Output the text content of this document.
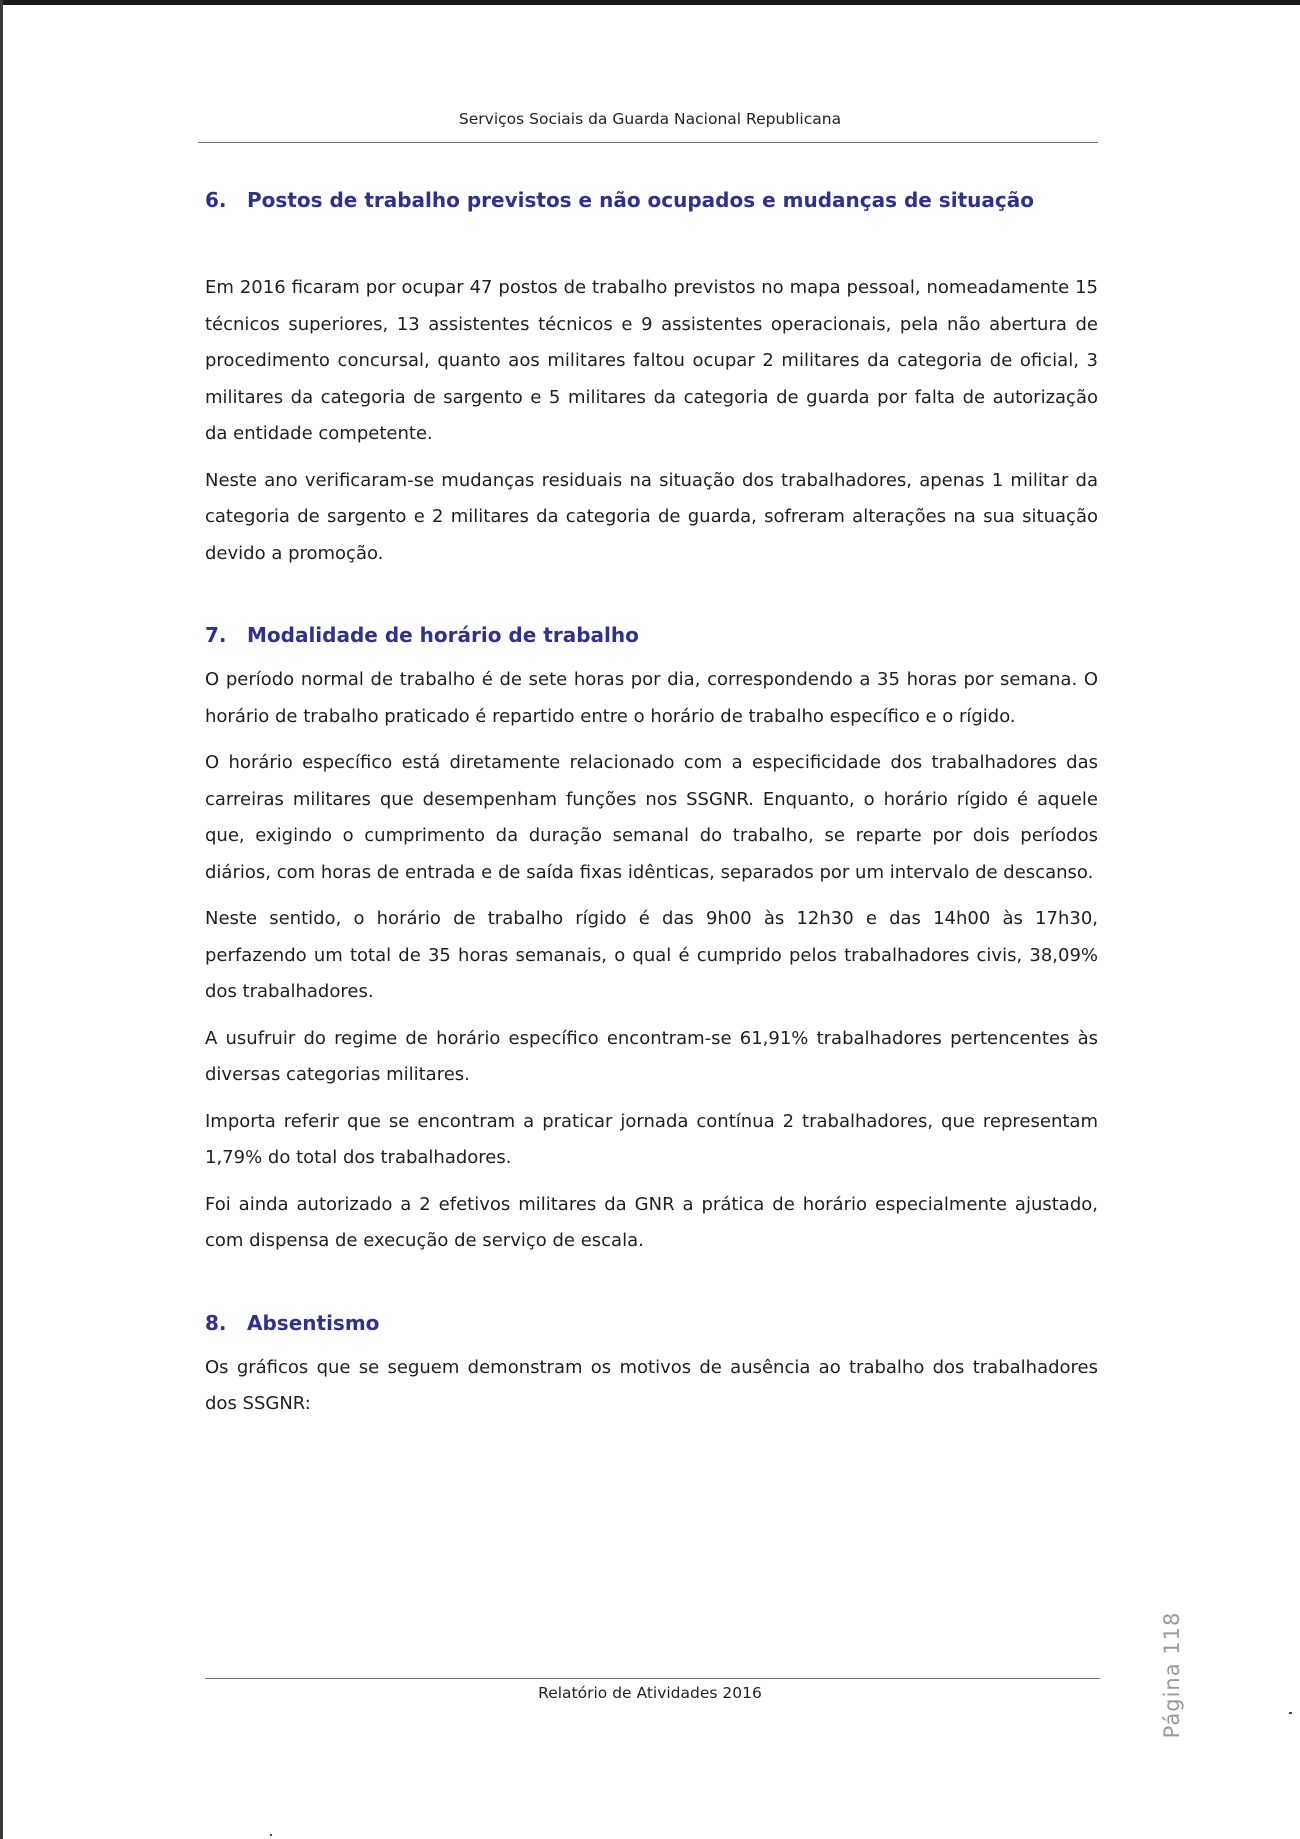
Serviços Sociais da Guarda Nacional Republicana
6.	Postos de trabalho previstos e não ocupados e mudanças de situação

Em 2016 ficaram por ocupar 47 postos de trabalho previstos no mapa pessoal, nomeadamente 15 técnicos superiores, 13 assistentes técnicos e 9 assistentes operacionais, pela não abertura de procedimento concursal, quanto aos militares faltou ocupar 2 militares da categoria de oficial, 3 militares da categoria de sargento e 5 militares da categoria de guarda por falta de autorização da entidade competente.

Neste ano verificaram-se mudanças residuais na situação dos trabalhadores, apenas 1 militar da categoria de sargento e 2 militares da categoria de guarda, sofreram alterações na sua situação devido a promoção.

7.	Modalidade de horário de trabalho

O período normal de trabalho é de sete horas por dia, correspondendo a 35 horas por semana. O horário de trabalho praticado é repartido entre o horário de trabalho específico e o rígido.

O horário específico está diretamente relacionado com a especificidade dos trabalhadores das carreiras militares que desempenham funções nos SSGNR. Enquanto, o horário rígido é aquele que, exigindo o cumprimento da duração semanal do trabalho, se reparte por dois períodos diários, com horas de entrada e de saída fixas idênticas, separados por um intervalo de descanso.

Neste sentido, o horário de trabalho rígido é das 9h00 às 12h30 e das 14h00 às 17h30, perfazendo um total de 35 horas semanais, o qual é cumprido pelos trabalhadores civis, 38,09% dos trabalhadores.

A usufruir do regime de horário específico encontram-se 61,91% trabalhadores pertencentes às diversas categorias militares.

Importa referir que se encontram a praticar jornada contínua 2 trabalhadores, que representam 1,79% do total dos trabalhadores.

Foi ainda autorizado a 2 efetivos militares da GNR a prática de horário especialmente ajustado, com dispensa de execução de serviço de escala.

8.	Absentismo

Os gráficos que se seguem demonstram os motivos de ausência ao trabalho dos trabalhadores dos SSGNR:

Página 118
Relatório de Atividades 2016
